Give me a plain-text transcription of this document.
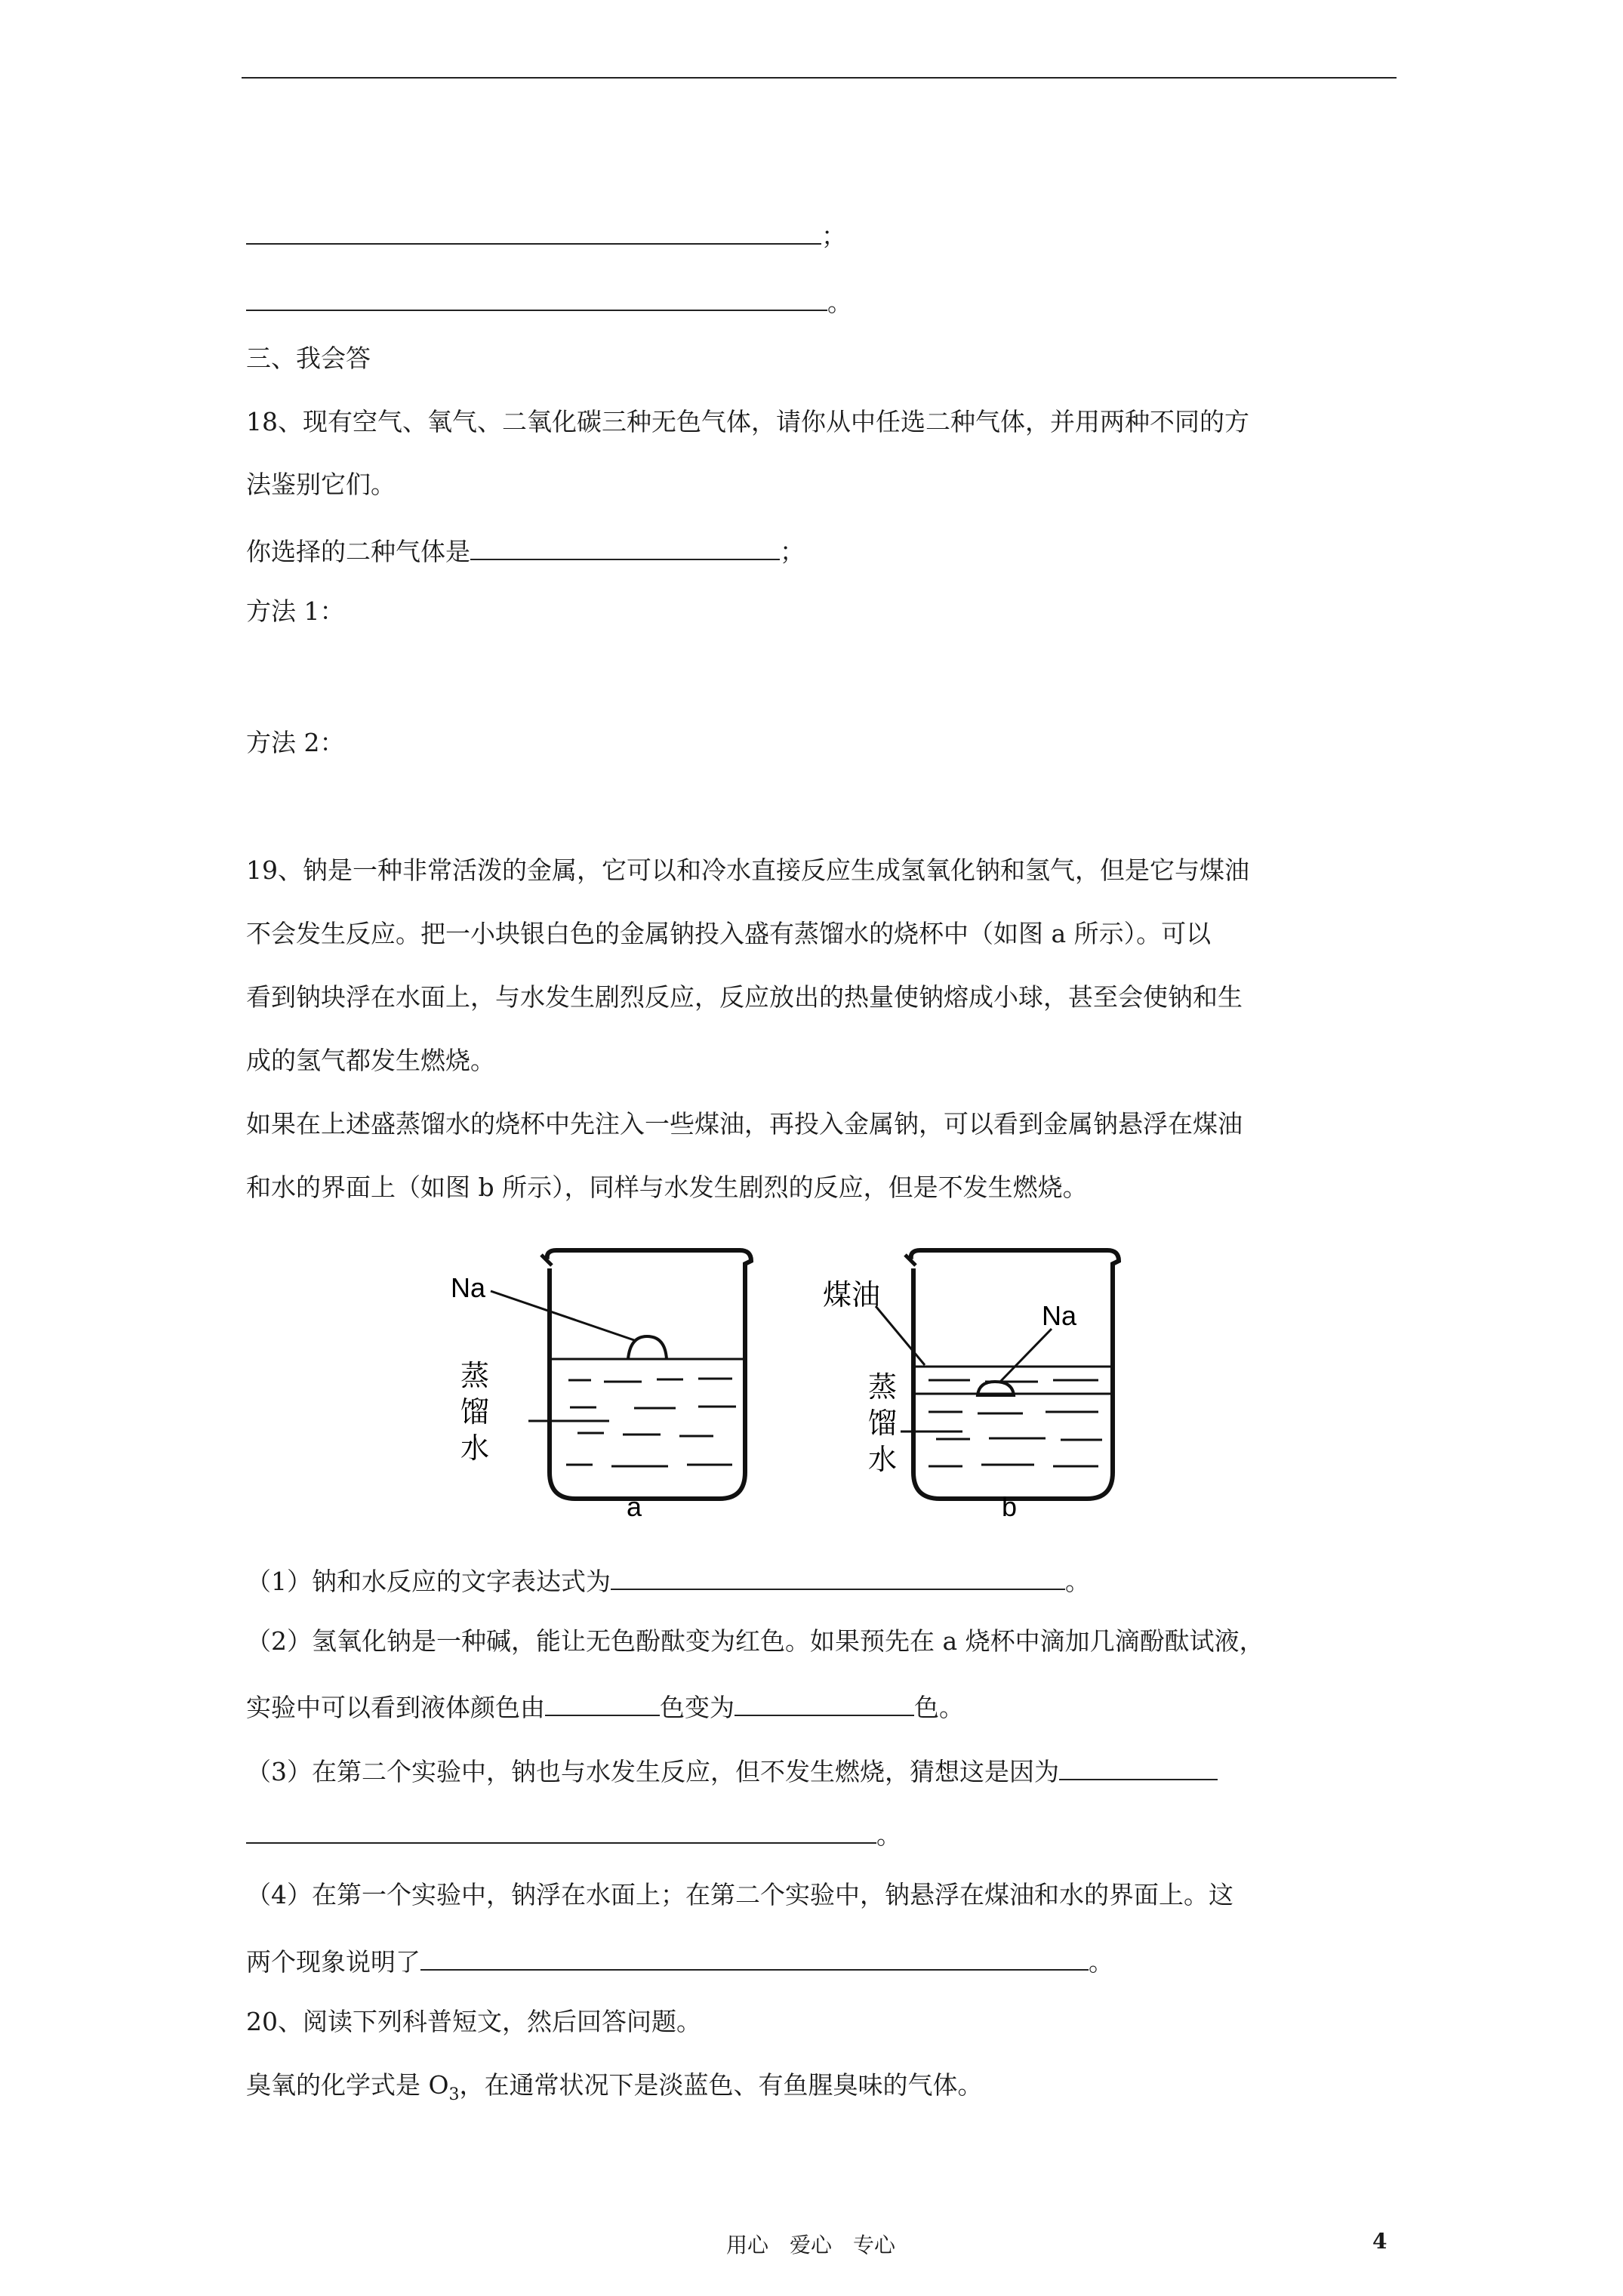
；
。
三、我会答
18、现有空气、氧气、二氧化碳三种无色气体，请你从中任选二种气体，并用两种不同的方
法鉴别它们。
你选择的二种气体是	；
方法 1：
方法 2：
19、钠是一种非常活泼的金属，它可以和冷水直接反应生成氢氧化钠和氢气，但是它与煤油
不会发生反应。把一小块银白色的金属钠投入盛有蒸馏水的烧杯中（如图 a 所示）。可以
看到钠块浮在水面上，与水发生剧烈反应，反应放出的热量使钠熔成小球，甚至会使钠和生
成的氢气都发生燃烧。
如果在上述盛蒸馏水的烧杯中先注入一些煤油，再投入金属钠，可以看到金属钠悬浮在煤油
和水的界面上（如图 b 所示），同样与水发生剧烈的反应，但是不发生燃烧。
Na
蒸
馏
水
a
煤油
Na
蒸
馏
水
b
（1）钠和水反应的文字表达式为	。
（2）氢氧化钠是一种碱，能让无色酚酞变为红色。如果预先在 a 烧杯中滴加几滴酚酞试液，
实验中可以看到液体颜色由	色变为	色。
（3）在第二个实验中，钠也与水发生反应，但不发生燃烧，猜想这是因为
。
（4）在第一个实验中，钠浮在水面上；在第二个实验中，钠悬浮在煤油和水的界面上。这
两个现象说明了	。
20、阅读下列科普短文，然后回答问题。
臭氧的化学式是 $O_3$，在通常状况下是淡蓝色、有鱼腥臭味的气体。
用心　爱心　专心	4
